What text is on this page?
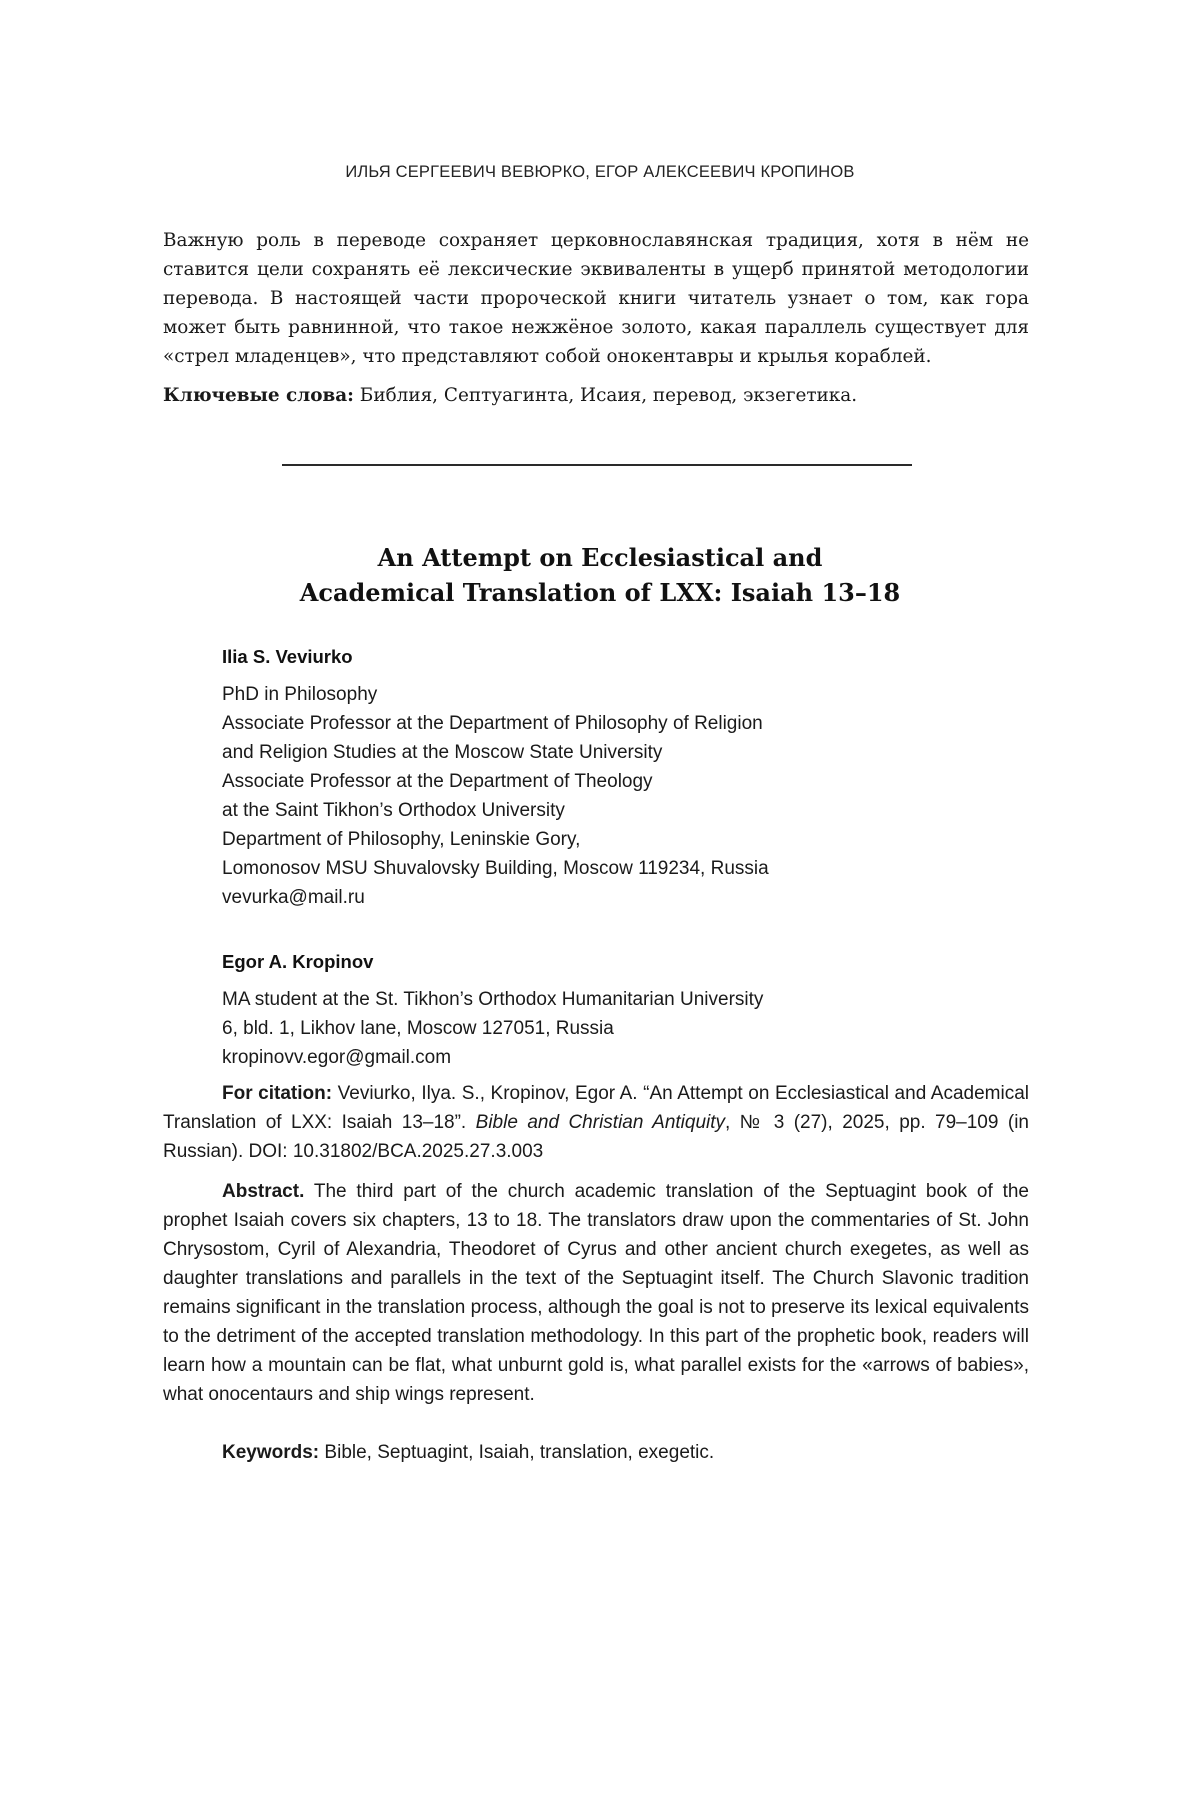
ИЛЬЯ СЕРГЕЕВИЧ ВЕВЮРКО, ЕГОР АЛЕКСЕЕВИЧ КРОПИНОВ

Важную роль в переводе сохраняет церковнославянская традиция, хотя в нём не ставится цели сохранять её лексические эквиваленты в ущерб принятой методологии перевода. В настоящей части пророческой книги читатель узнает о том, как гора может быть равнинной, что такое нежжёное золото, какая параллель существует для «стрел младенцев», что представляют собой онокентавры и крылья кораблей.

Ключевые слова: Библия, Септуагинта, Исаия, перевод, экзегетика.
An Attempt on Ecclesiastical and
Academical Translation of LXX: Isaiah 13–18
Ilia S. Veviurko
PhD in Philosophy
Associate Professor at the Department of Philosophy of Religion
and Religion Studies at the Moscow State University
Associate Professor at the Department of Theology
at the Saint Tikhon’s Orthodox University
Department of Philosophy, Leninskie Gory,
Lomonosov MSU Shuvalovsky Building, Moscow 119234, Russia
vevurka@mail.ru
Egor A. Kropinov
MA student at the St. Tikhon’s Orthodox Humanitarian University
6, bld. 1, Likhov lane, Moscow 127051, Russia
kropinovv.egor@gmail.com

For citation: Veviurko, Ilya. S., Kropinov, Egor A. “An Attempt on Ecclesiastical and Academical Translation of LXX: Isaiah 13–18”. Bible and Christian Antiquity, № 3 (27), 2025, pp. 79–109 (in Russian). DOI: 10.31802/BCA.2025.27.3.003

Abstract. The third part of the church academic translation of the Septuagint book of the prophet Isaiah covers six chapters, 13 to 18. The translators draw upon the commentaries of St. John Chrysostom, Cyril of Alexandria, Theodoret of Cyrus and other ancient church exegetes, as well as daughter translations and parallels in the text of the Septuagint itself. The Church Slavonic tradition remains significant in the translation process, although the goal is not to preserve its lexical equivalents to the detriment of the accepted translation methodology. In this part of the prophetic book, readers will learn how a mountain can be flat, what unburnt gold is, what parallel exists for the «arrows of babies», what onocentaurs and ship wings represent.

Keywords: Bible, Septuagint, Isaiah, translation, exegetic.
